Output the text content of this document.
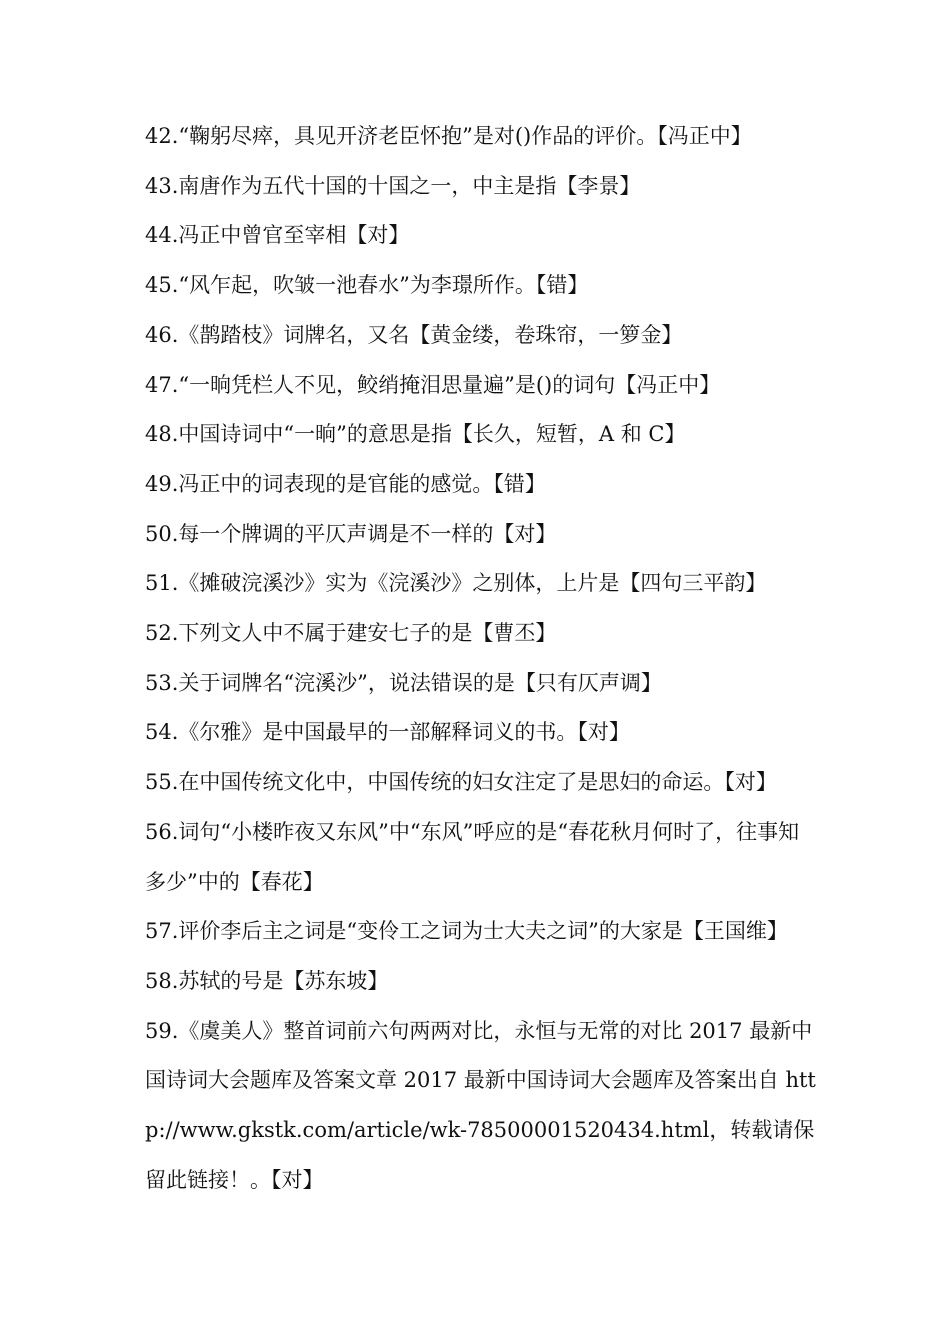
42.“鞠躬尽瘁，具见开济老臣怀抱”是对()作品的评价。【冯正中】

43.南唐作为五代十国的十国之一，中主是指【李景】

44.冯正中曾官至宰相【对】

45.“风乍起，吹皱一池春水”为李璟所作。【错】

46.《鹊踏枝》词牌名，又名【黄金缕，卷珠帘，一箩金】

47.“一晌凭栏人不见，鲛绡掩泪思量遍”是()的词句【冯正中】

48.中国诗词中“一晌”的意思是指【长久，短暂，A 和 C】

49.冯正中的词表现的是官能的感觉。【错】

50.每一个牌调的平仄声调是不一样的【对】

51.《摊破浣溪沙》实为《浣溪沙》之别体，上片是【四句三平韵】

52.下列文人中不属于建安七子的是【曹丕】

53.关于词牌名“浣溪沙”，说法错误的是【只有仄声调】

54.《尔雅》是中国最早的一部解释词义的书。【对】

55.在中国传统文化中，中国传统的妇女注定了是思妇的命运。【对】

56.词句“小楼昨夜又东风”中“东风”呼应的是“春花秋月何时了，往事知多少”中的【春花】

57.评价李后主之词是“变伶工之词为士大夫之词”的大家是【王国维】

58.苏轼的号是【苏东坡】

59.《虞美人》整首词前六句两两对比，永恒与无常的对比 2017 最新中国诗词大会题库及答案文章 2017 最新中国诗词大会题库及答案出自 http://www.gkstk.com/article/wk-78500001520434.html，转载请保留此链接！。【对】
